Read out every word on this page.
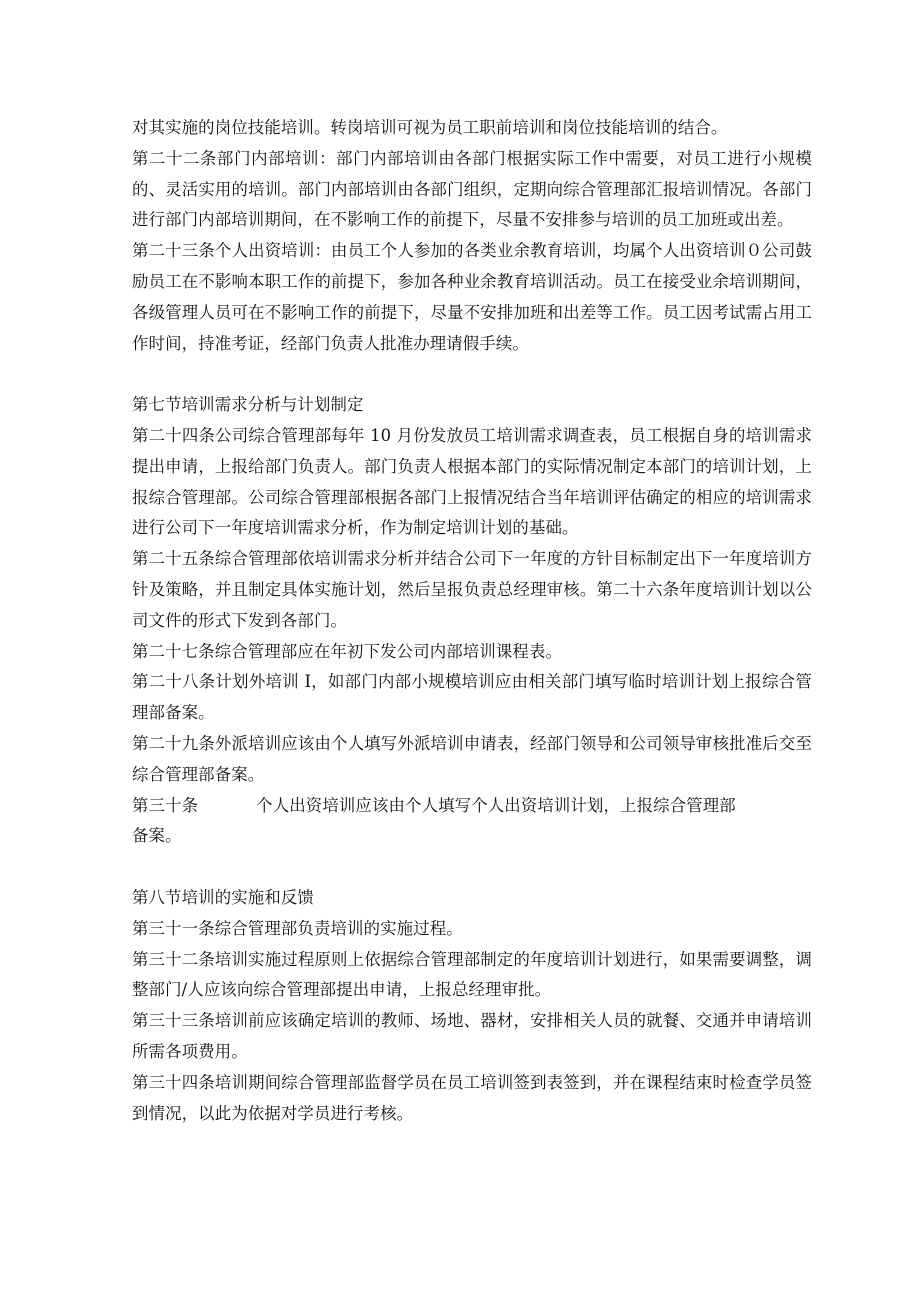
对其实施的岗位技能培训。转岗培训可视为员工职前培训和岗位技能培训的结合。

第二十二条部门内部培训：部门内部培训由各部门根据实际工作中需要，对员工进行小规模的、灵活实用的培训。部门内部培训由各部门组织，定期向综合管理部汇报培训情况。各部门进行部门内部培训期间，在不影响工作的前提下，尽量不安排参与培训的员工加班或出差。

第二十三条个人出资培训：由员工个人参加的各类业余教育培训，均属个人出资培训０公司鼓励员工在不影响本职工作的前提下，参加各种业余教育培训活动。员工在接受业余培训期间，各级管理人员可在不影响工作的前提下，尽量不安排加班和出差等工作。员工因考试需占用工作时间，持准考证，经部门负责人批准办理请假手续。

第七节培训需求分析与计划制定

第二十四条公司综合管理部每年 10 月份发放员工培训需求调查表，员工根据自身的培训需求提出申请，上报给部门负责人。部门负责人根据本部门的实际情况制定本部门的培训计划，上报综合管理部。公司综合管理部根据各部门上报情况结合当年培训评估确定的相应的培训需求进行公司下一年度培训需求分析，作为制定培训计划的基础。

第二十五条综合管理部依培训需求分析并结合公司下一年度的方针目标制定出下一年度培训方针及策略，并且制定具体实施计划，然后呈报负责总经理审核。第二十六条年度培训计划以公司文件的形式下发到各部门。

第二十七条综合管理部应在年初下发公司内部培训课程表。

第二十八条计划外培训 I，如部门内部小规模培训应由相关部门填写临时培训计划上报综合管理部备案。

第二十九条外派培训应该由个人填写外派培训申请表，经部门领导和公司领导审核批准后交至综合管理部备案。

第三十条	个人出资培训应该由个人填写个人出资培训计划，上报综合管理部

备案。

第八节培训的实施和反馈

第三十一条综合管理部负责培训的实施过程。

第三十二条培训实施过程原则上依据综合管理部制定的年度培训计划进行，如果需要调整，调整部门/人应该向综合管理部提出申请，上报总经理审批。

第三十三条培训前应该确定培训的教师、场地、器材，安排相关人员的就餐、交通并申请培训所需各项费用。

第三十四条培训期间综合管理部监督学员在员工培训签到表签到，并在课程结束时检查学员签到情况，以此为依据对学员进行考核。
